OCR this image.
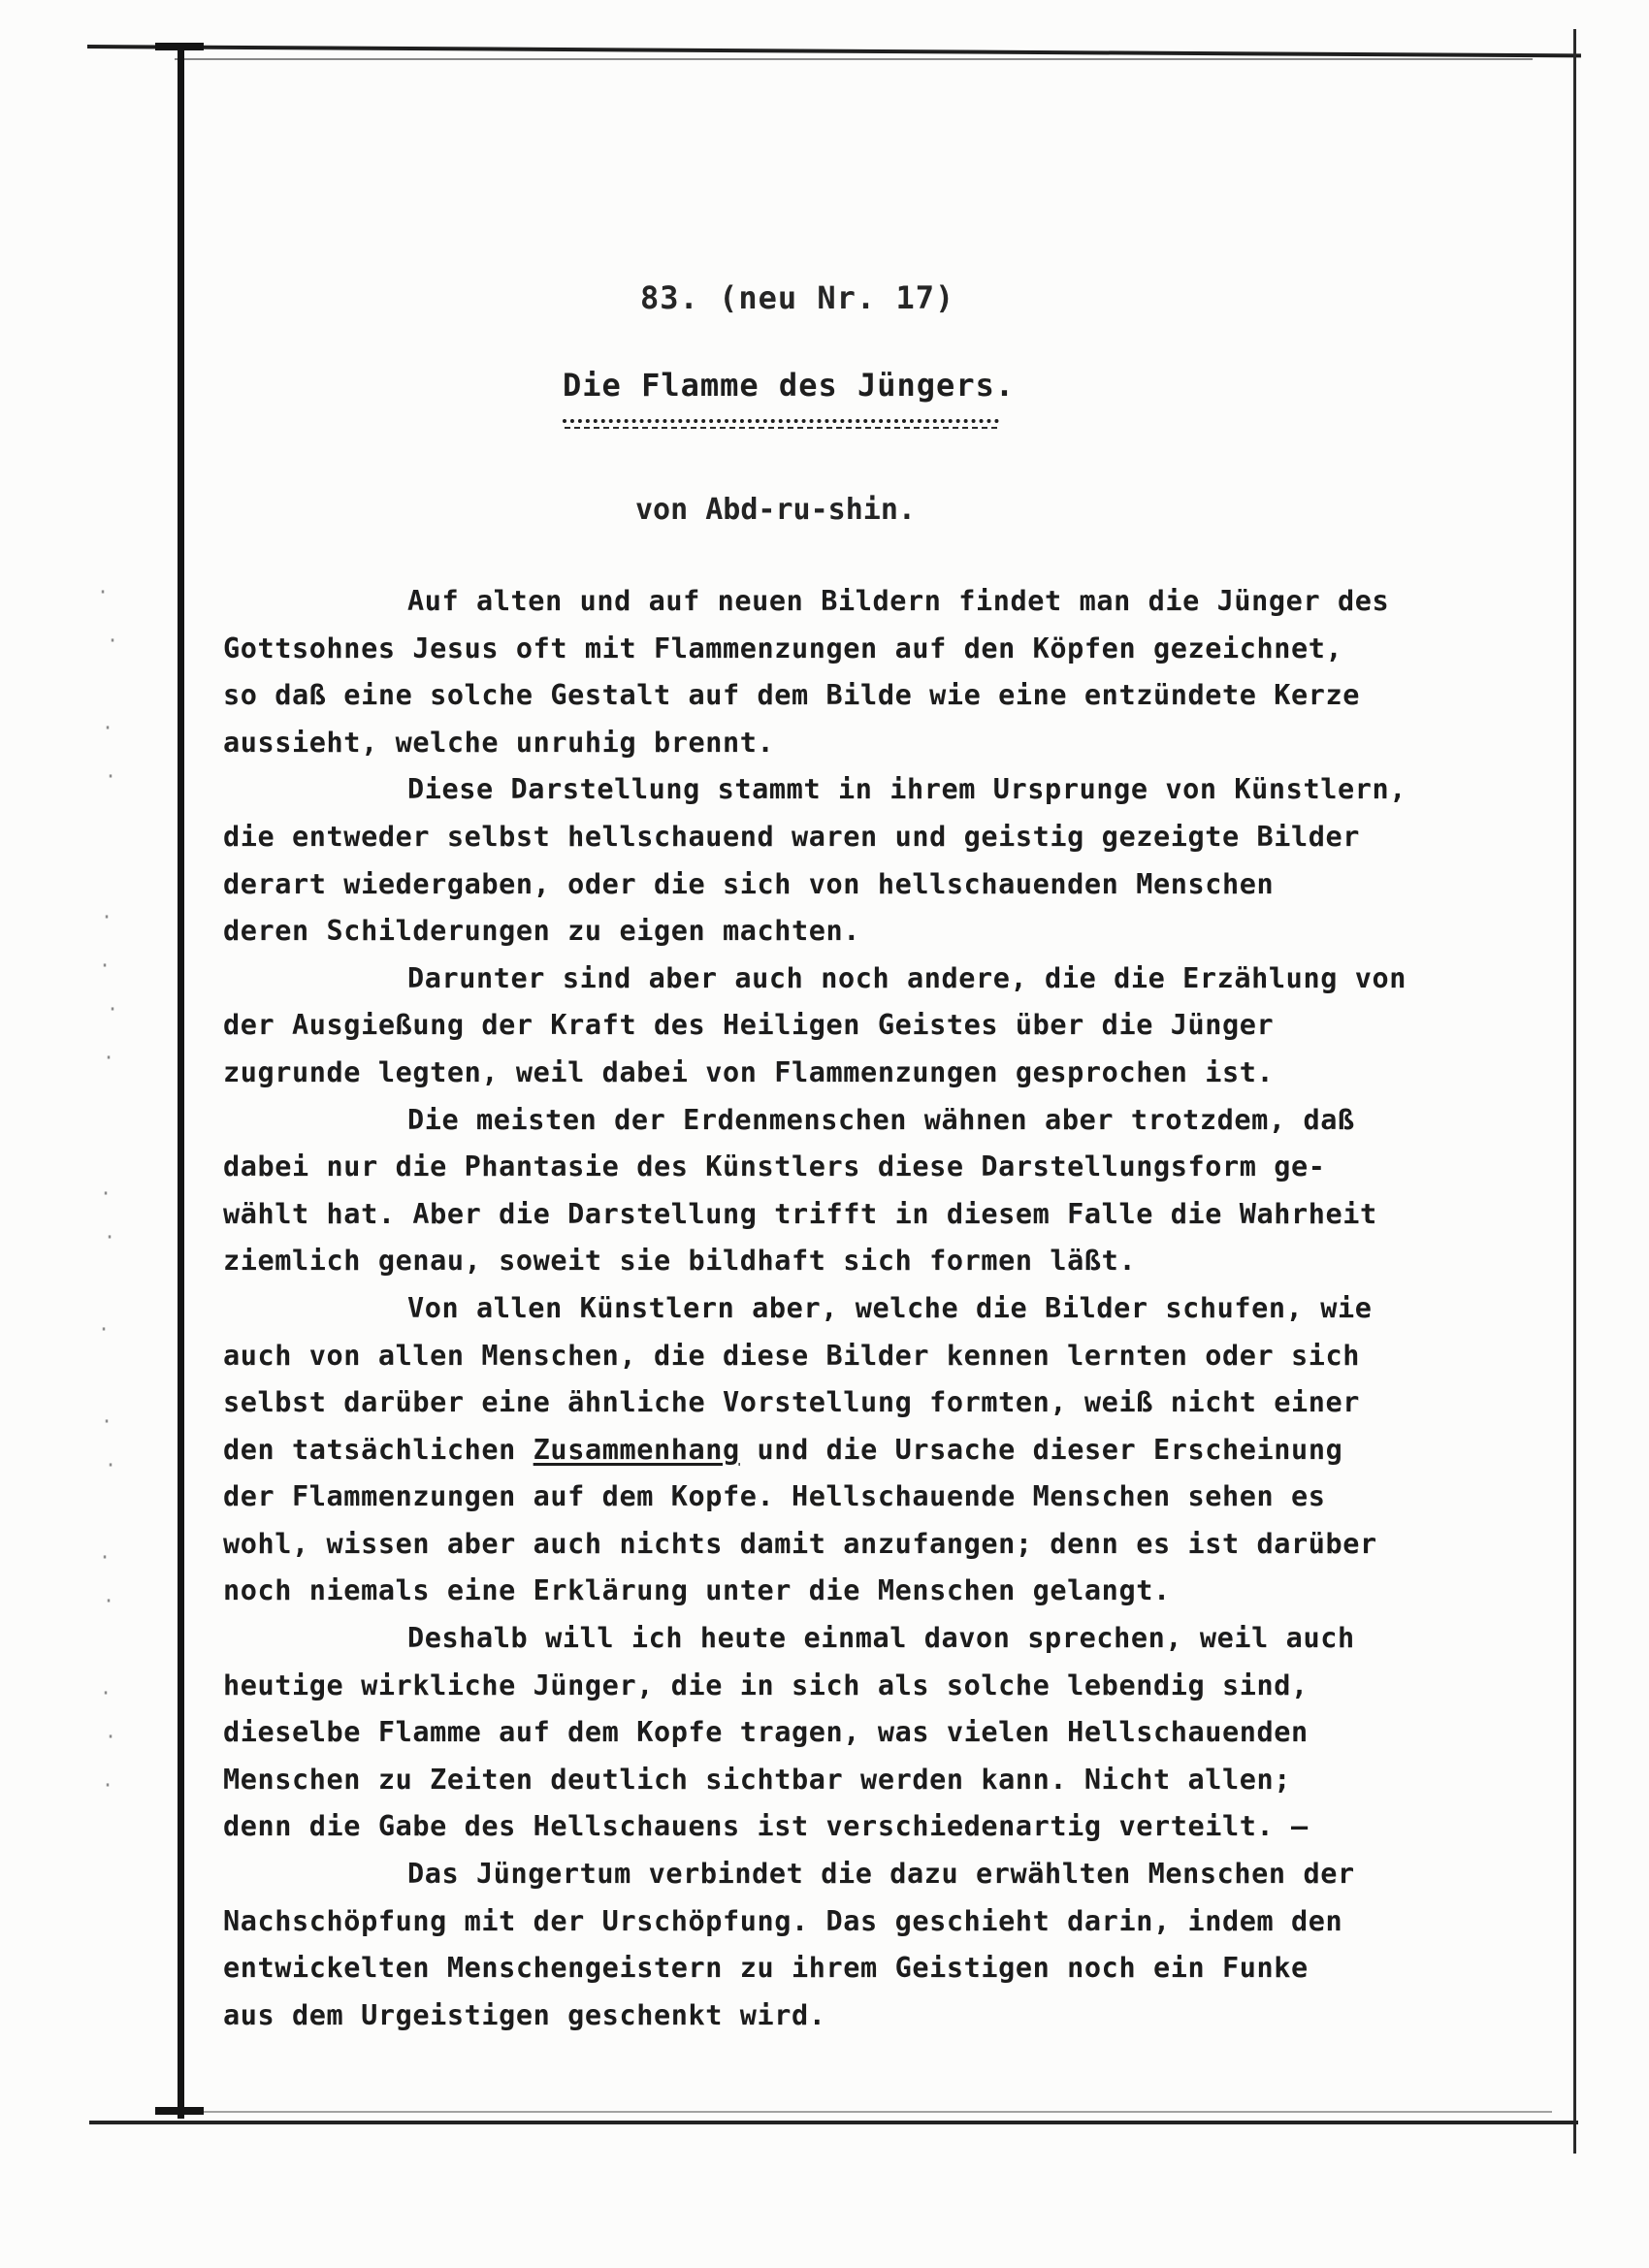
·
·
·
·
·
·
·
·
·
·
·
·
·
·
·
·
·
·
83. (neu Nr. 17)
Die Flamme des Jüngers.
von Abd-ru-shin.
Auf alten und auf neuen Bildern findet man die Jünger des
Gottsohnes Jesus oft mit Flammenzungen auf den Köpfen gezeichnet,
so daß eine solche Gestalt auf dem Bilde wie eine entzündete Kerze
aussieht, welche unruhig brennt.
Diese Darstellung stammt in ihrem Ursprunge von Künstlern,
die entweder selbst hellschauend waren und geistig gezeigte Bilder
derart wiedergaben, oder die sich von hellschauenden Menschen
deren Schilderungen zu eigen machten.
Darunter sind aber auch noch andere, die die Erzählung von
der Ausgießung der Kraft des Heiligen Geistes über die Jünger
zugrunde legten, weil dabei von Flammenzungen gesprochen ist.
Die meisten der Erdenmenschen wähnen aber trotzdem, daß
dabei nur die Phantasie des Künstlers diese Darstellungsform ge-
wählt hat. Aber die Darstellung trifft in diesem Falle die Wahrheit
ziemlich genau, soweit sie bildhaft sich formen läßt.
Von allen Künstlern aber, welche die Bilder schufen, wie
auch von allen Menschen, die diese Bilder kennen lernten oder sich
selbst darüber eine ähnliche Vorstellung formten, weiß nicht einer
den tatsächlichen Zusammenhang und die Ursache dieser Erscheinung
der Flammenzungen auf dem Kopfe. Hellschauende Menschen sehen es
wohl, wissen aber auch nichts damit anzufangen; denn es ist darüber
noch niemals eine Erklärung unter die Menschen gelangt.
Deshalb will ich heute einmal davon sprechen, weil auch
heutige wirkliche Jünger, die in sich als solche lebendig sind,
dieselbe Flamme auf dem Kopfe tragen, was vielen Hellschauenden
Menschen zu Zeiten deutlich sichtbar werden kann. Nicht allen;
denn die Gabe des Hellschauens ist verschiedenartig verteilt. –
Das Jüngertum verbindet die dazu erwählten Menschen der
Nachschöpfung mit der Urschöpfung. Das geschieht darin, indem den
entwickelten Menschengeistern zu ihrem Geistigen noch ein Funke
aus dem Urgeistigen geschenkt wird.
